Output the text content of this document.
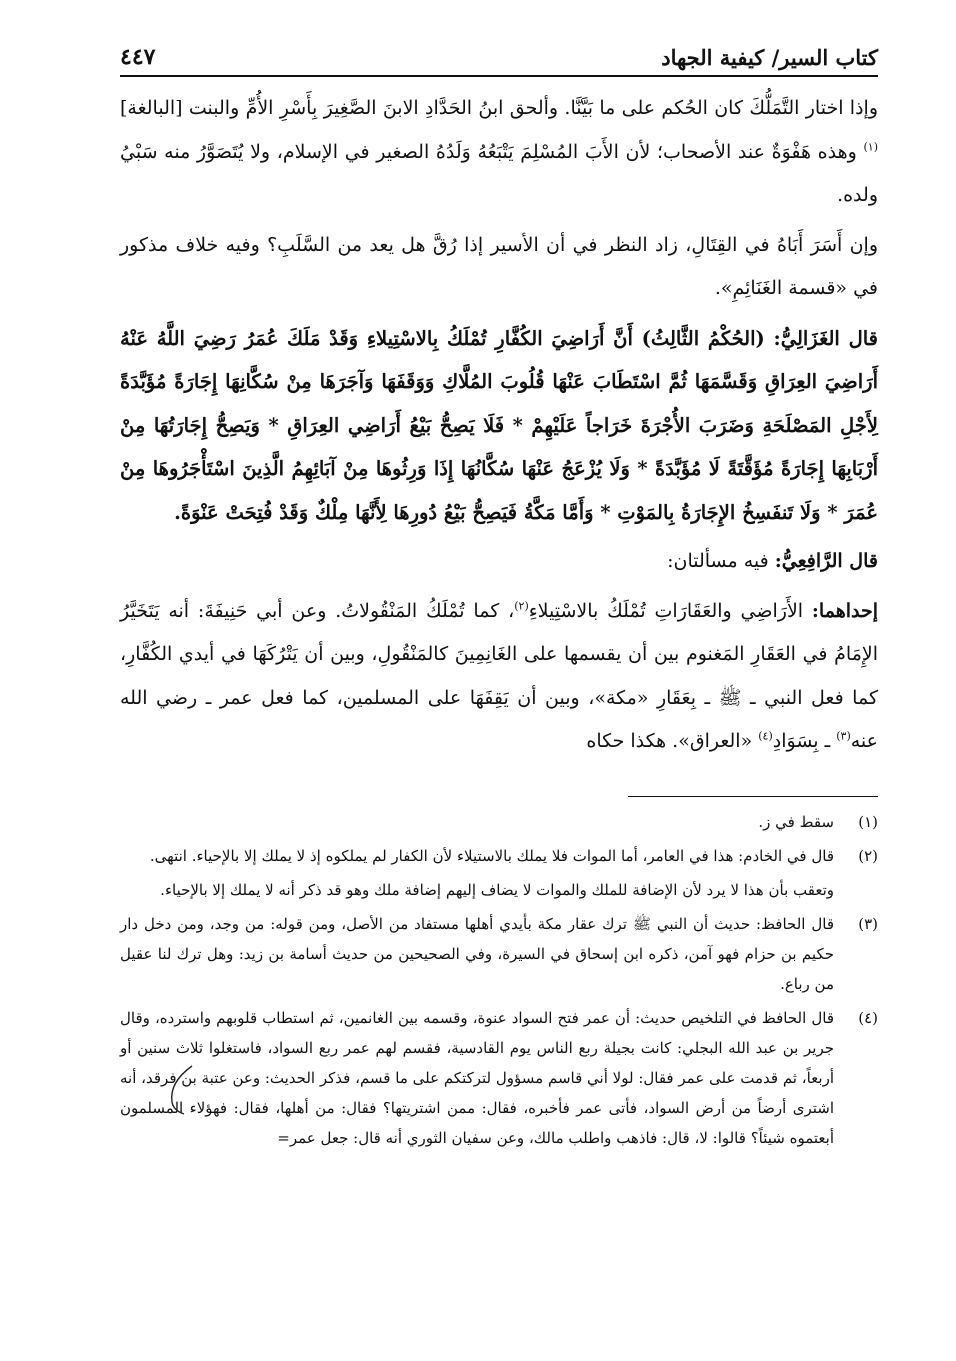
كتاب السير/ كيفية الجهاد
٤٤٧

وإذا اختار التَّمَلُّكَ كان الحُكم على ما بَيَّنَّا. وألحق ابنُ الحَدَّادِ الابنَ الصَّغِيرَ بِأَسْرِ الأُمِّ والبنت [البالغة]$^{(١)}$ وهذه هَفْوَةٌ عند الأصحاب؛ لأن الأَبَ المُسْلِمَ يَتْبَعُهُ وَلَدُهُ الصغير في الإسلام، ولا يُتَصَوَّرُ منه سَبْيُ ولده.

وإن أَسَرَ أَبَاهُ في القِتَالِ، زاد النظر في أن الأسير إذا رُقَّ هل يعد من السَّلَبِ؟ وفيه خلاف مذكور في «قسمة الغَنَائِمِ».

قال الغَزَالِيُّ: (الحُكْمُ الثَّالِثُ) أَنَّ أَرَاضِيَ الكُفَّارِ تُمْلَكُ بِالاسْتِيلاءِ وَقَدْ مَلَكَ عُمَرُ رَضِيَ اللَّهُ عَنْهُ أَرَاضِيَ العِرَاقِ وَقَسَّمَهَا ثُمَّ اسْتَطَابَ عَنْهَا قُلُوبَ المُلَّاكِ وَوَقَفَهَا وَآجَرَهَا مِنْ سُكَّانِهَا إِجَارَةً مُؤَبَّدَةً لِأَجْلِ المَصْلَحَةِ وَضَرَبَ الأُجْرَةَ خَرَاجاً عَلَيْهِمْ * فَلَا يَصِحُّ بَيْعُ أَرَاضِي العِرَاقِ * وَيَصِحُّ إِجَارَتُهَا مِنْ أَرْبَابِهَا إِجَارَةً مُؤَقَّتَةً لَا مُؤَبَّدَةً * وَلَا يُزْعَجُ عَنْهَا سُكَّانُهَا إِذَا وَرِثُوهَا مِنْ آبَائِهِمُ الَّذِينَ اسْتَأْجَرُوهَا مِنْ عُمَرَ * وَلَا تَنفَسِخُ الإِجَارَةُ بِالمَوْتِ * وَأَمَّا مَكَّةُ فَيَصِحُّ بَيْعُ دُورِهَا لِأَنَّهَا مِلْكٌ وَقَدْ فُتِحَتْ عَنْوَةً.

قال الرَّافِعِيُّ: فيه مسألتان:

إحداهما: الأَرَاضِي والعَقَارَاتِ تُمْلَكُ بالاسْتِيلاءِ$^{(٢)}$، كما تُمْلَكُ المَنْقُولاتُ. وعن أبي حَنِيفَةَ: أنه يَتَخَيَّرُ الإِمَامُ في العَقَارِ المَغنوم بين أن يقسمها على الغَانِمِينَ كالمَنْقُولِ، وبين أن يَتْرُكَهَا في أيدي الكُفَّارِ، كما فعل النبي ـ ﷺ ـ بِعَقَارِ «مكة»، وبين أن يَقِفَهَا على المسلمين، كما فعل عمر ـ رضي الله عنه$^{(٣)}$ ـ بِسَوَادِ$^{(٤)}$ «العراق». هكذا حكاه

(١)
سقط في ز.
(٢)
قال في الخادم: هذا في العامر، أما الموات فلا يملك بالاستيلاء لأن الكفار لم يملكوه إذ لا يملك إلا بالإحياء. انتهى.
وتعقب بأن هذا لا يرد لأن الإضافة للملك والموات لا يضاف إليهم إضافة ملك وهو قد ذكر أنه لا يملك إلا بالإحياء.
(٣)
قال الحافظ: حديث أن النبي ﷺ ترك عقار مكة بأيدي أهلها مستفاد من الأصل، ومن قوله: من وجد، ومن دخل دار حكيم بن حزام فهو آمن، ذكره ابن إسحاق في السيرة، وفي الصحيحين من حديث أسامة بن زيد: وهل ترك لنا عقيل من رباع.
(٤)
قال الحافظ في التلخيص حديث: أن عمر فتح السواد عنوة، وقسمه بين الغانمين، ثم استطاب قلوبهم واسترده، وقال جرير بن عبد الله البجلي: كانت بجيلة ربع الناس يوم القادسية، فقسم لهم عمر ربع السواد، فاستغلوا ثلاث سنين أو أربعاً، ثم قدمت على عمر فقال: لولا أني قاسم مسؤول لتركتكم على ما قسم، فذكر الحديث: وعن عتبة بن فرقد، أنه اشترى أرضاً من أرض السواد، فأتى عمر فأخبره، فقال: ممن اشتريتها؟ فقال: من أهلها، فقال: فهؤلاء المسلمون أبعتموه شيئاً؟ قالوا: لا، قال: فاذهب واطلب مالك، وعن سفيان الثوري أنه قال: جعل عمر=
